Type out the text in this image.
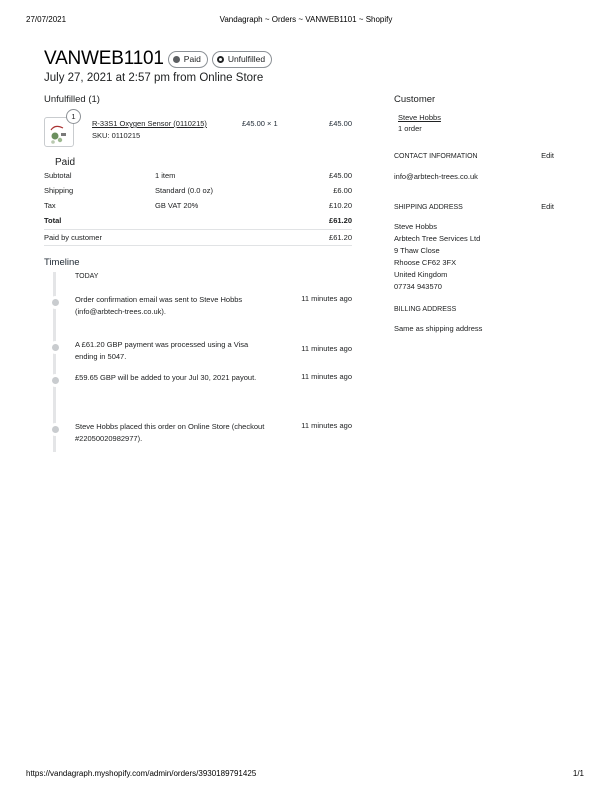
27/07/2021	Vandagraph ~ Orders ~ VANWEB1101 ~ Shopify
VANWEB1101 Paid	Unfulfilled
July 27, 2021 at 2:57 pm from Online Store
Unfulfilled (1)
1
R-33S1 Oxygen Sensor (0110215)
SKU: 0110215
£45.00 × 1	£45.00
Paid
Subtotal	1 item	£45.00
Shipping	Standard (0.0 oz)	£6.00
Tax	GB VAT 20%	£10.20
Total	£61.20
Paid by customer	£61.20
Timeline
TODAY
Order confirmation email was sent to Steve Hobbs (info@arbtech-trees.co.uk).
11 minutes ago
A £61.20 GBP payment was processed using a Visa ending in 5047.
11 minutes ago
£59.65 GBP will be added to your Jul 30, 2021 payout.	11 minutes ago
Steve Hobbs placed this order on Online Store (checkout #22050020982977).
11 minutes ago
Customer
Steve Hobbs
1 order
CONTACT INFORMATION	Edit
info@arbtech-trees.co.uk
SHIPPING ADDRESS	Edit
Steve Hobbs
Arbtech Tree Services Ltd
9 Thaw Close
Rhoose CF62 3FX
United Kingdom
07734 943570
BILLING ADDRESS
Same as shipping address
https://vandagraph.myshopify.com/admin/orders/3930189791425	1/1
